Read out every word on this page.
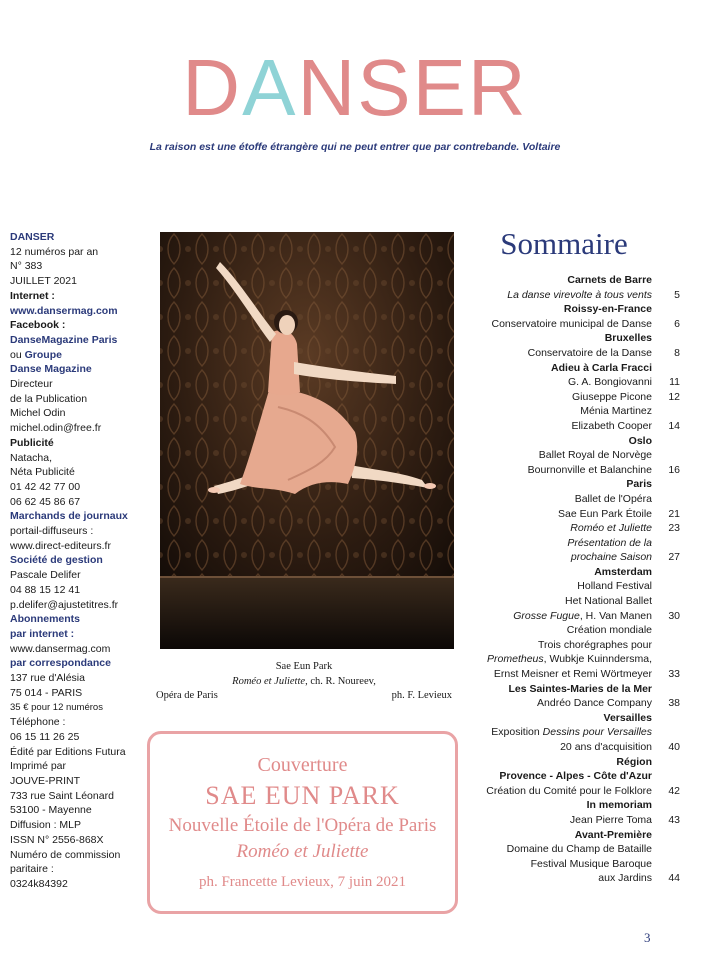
DANSER
La raison est une étoffe étrangère qui ne peut entrer que par contrebande. Voltaire
DANSER
12 numéros par an
N° 383
JUILLET 2021
Internet :
www.dansermag.com
Facebook :
DanseMagazine Paris
ou Groupe
Danse Magazine
Directeur
de la Publication
Michel Odin
michel.odin@free.fr
Publicité
Natacha,
Néta Publicité
01 42 42 77 00
06 62 45 86 67
Marchands de journaux
portail-diffuseurs :
www.direct-editeurs.fr
Société de gestion
Pascale Delifer
04 88 15 12 41
p.delifer@ajustetitres.fr
Abonnements
par internet :
www.dansermag.com
par correspondance
137 rue d'Alésia
75 014 - PARIS
35 € pour 12 numéros
Téléphone :
06 15 11 26 25
Édité par Editions Futura
Imprimé par
JOUVE-PRINT
733 rue Saint Léonard
53100 - Mayenne
Diffusion : MLP
ISSN N° 2556-868X
Numéro de commission
paritaire :
0324k84392
Sae Eun Park
Roméo et Juliette, ch. R. Noureev,
Opéra de Paris	ph. F. Levieux
Couverture
SAE EUN PARK
Nouvelle Étoile de l'Opéra de Paris
Roméo et Juliette
ph. Francette Levieux, 7 juin 2021
Sommaire
Carnets de Barre
La danse virevolte à tous vents	5
Roissy-en-France
Conservatoire municipal de Danse	6
Bruxelles
Conservatoire de la Danse	8
Adieu à Carla Fracci
G. A. Bongiovanni	11
Giuseppe Picone	12
Ménia Martinez
Elizabeth Cooper	14
Oslo
Ballet Royal de Norvège
Bournonville et Balanchine	16
Paris
Ballet de l'Opéra
Sae Eun Park Étoile	21
Roméo et Juliette	23
Présentation de la
prochaine Saison	27
Amsterdam
Holland Festival
Het National Ballet
Grosse Fugue, H. Van Manen	30
Création mondiale
Trois chorégraphes pour
Prometheus, Wubkje Kuinndersma,
Ernst Meisner et Remi Wörtmeyer	33
Les Saintes-Maries de la Mer
Andréo Dance Company	38
Versailles
Exposition Dessins pour Versailles
20 ans d'acquisition	40
Région
Provence - Alpes - Côte d'Azur
Création du Comité pour le Folklore	42
In memoriam
Jean Pierre Toma	43
Avant-Première
Domaine du Champ de Bataille
Festival Musique Baroque
aux Jardins	44
3
